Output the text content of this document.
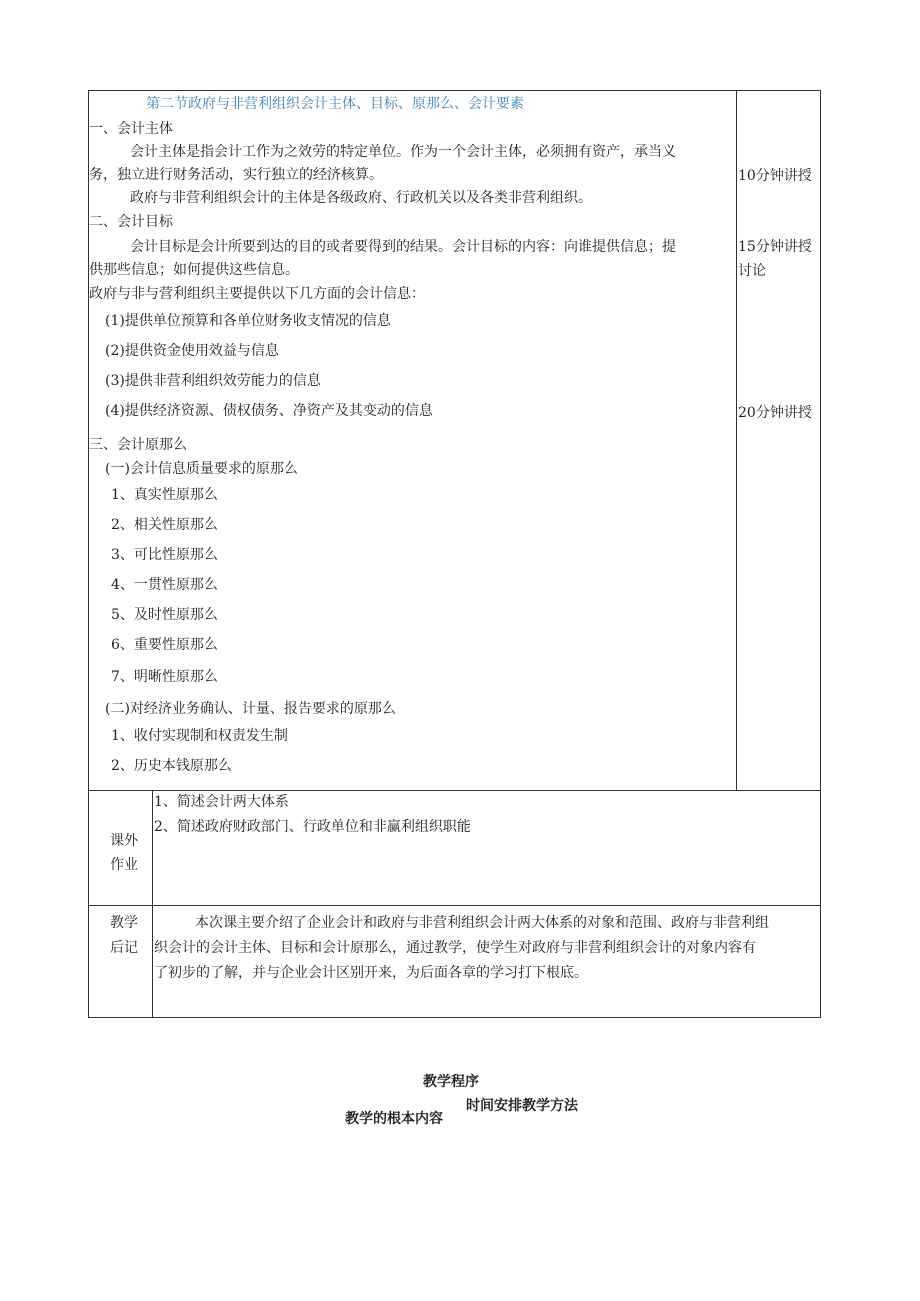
第二节政府与非营利组织会计主体、目标、原那么、会计要素
一、会计主体
会计主体是指会计工作为之效劳的特定单位。作为一个会计主体，必须拥有资产，承当义
务，独立进行财务活动，实行独立的经济核算。
政府与非营利组织会计的主体是各级政府、行政机关以及各类非营利组织。
二、会计目标
会计目标是会计所要到达的目的或者要得到的结果。会计目标的内容：向谁提供信息；提
供那些信息；如何提供这些信息。
政府与非与营利组织主要提供以下几方面的会计信息：
(1)提供单位预算和各单位财务收支情况的信息
(2)提供资金使用效益与信息
(3)提供非营利组织效劳能力的信息
(4)提供经济资源、债权债务、净资产及其变动的信息
三、会计原那么
(一)会计信息质量要求的原那么
1、真实性原那么
2、相关性原那么
3、可比性原那么
4、一贯性原那么
5、及时性原那么
6、重要性原那么
7、明晰性原那么
(二)对经济业务确认、计量、报告要求的原那么
1、收付实现制和权责发生制
2、历史本钱原那么
10分钟讲授
15分钟讲授
讨论
20分钟讲授
课外
作业
1、简述会计两大体系
2、简述政府财政部门、行政单位和非赢利组织职能
教学
后记
本次课主要介绍了企业会计和政府与非营利组织会计两大体系的对象和范围、政府与非营利组
织会计的会计主体、目标和会计原那么，通过教学，使学生对政府与非营利组织会计的对象内容有
了初步的了解，并与企业会计区别开来，为后面各章的学习打下根底。
教学程序
时间安排教学方法
教学的根本内容
